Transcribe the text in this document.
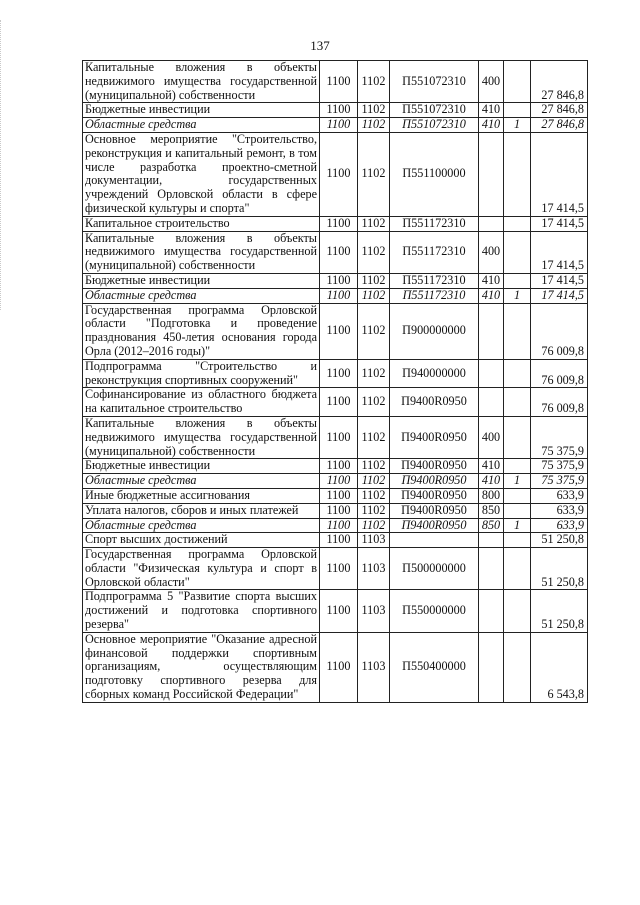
137
Капитальные вложения в объекты недвижимого имущества государственной (муниципальной) собственности	1100	1102	П551072310	400		27 846,8
Бюджетные инвестиции	1100	1102	П551072310	410		27 846,8
Областные средства	1100	1102	П551072310	410	1	27 846,8
Основное мероприятие "Строительство, реконструкция и капитальный ремонт, в том числе разработка проектно-сметной документации, государственных учреждений Орловской области в сфере физической культуры и спорта"	1100	1102	П551100000			17 414,5
Капитальное строительство	1100	1102	П551172310			17 414,5
Капитальные вложения в объекты недвижимого имущества государственной (муниципальной) собственности	1100	1102	П551172310	400		17 414,5
Бюджетные инвестиции	1100	1102	П551172310	410		17 414,5
Областные средства	1100	1102	П551172310	410	1	17 414,5
Государственная программа Орловской области "Подготовка и проведение празднования 450-летия основания города Орла (2012–2016 годы)"	1100	1102	П900000000			76 009,8
Подпрограмма "Строительство и реконструкция спортивных сооружений"	1100	1102	П940000000			76 009,8
Софинансирование из областного бюджета на капитальное строительство	1100	1102	П9400R0950			76 009,8
Капитальные вложения в объекты недвижимого имущества государственной (муниципальной) собственности	1100	1102	П9400R0950	400		75 375,9
Бюджетные инвестиции	1100	1102	П9400R0950	410		75 375,9
Областные средства	1100	1102	П9400R0950	410	1	75 375,9
Иные бюджетные ассигнования	1100	1102	П9400R0950	800		633,9
Уплата налогов, сборов и иных платежей	1100	1102	П9400R0950	850		633,9
Областные средства	1100	1102	П9400R0950	850	1	633,9
Спорт высших достижений	1100	1103				51 250,8
Государственная программа Орловской области "Физическая культура и спорт в Орловской области"	1100	1103	П500000000			51 250,8
Подпрограмма 5 "Развитие спорта высших достижений и подготовка спортивного резерва"	1100	1103	П550000000			51 250,8
Основное мероприятие "Оказание адресной финансовой поддержки спортивным организациям, осуществляющим подготовку спортивного резерва для сборных команд Российской Федерации"	1100	1103	П550400000			6 543,8
